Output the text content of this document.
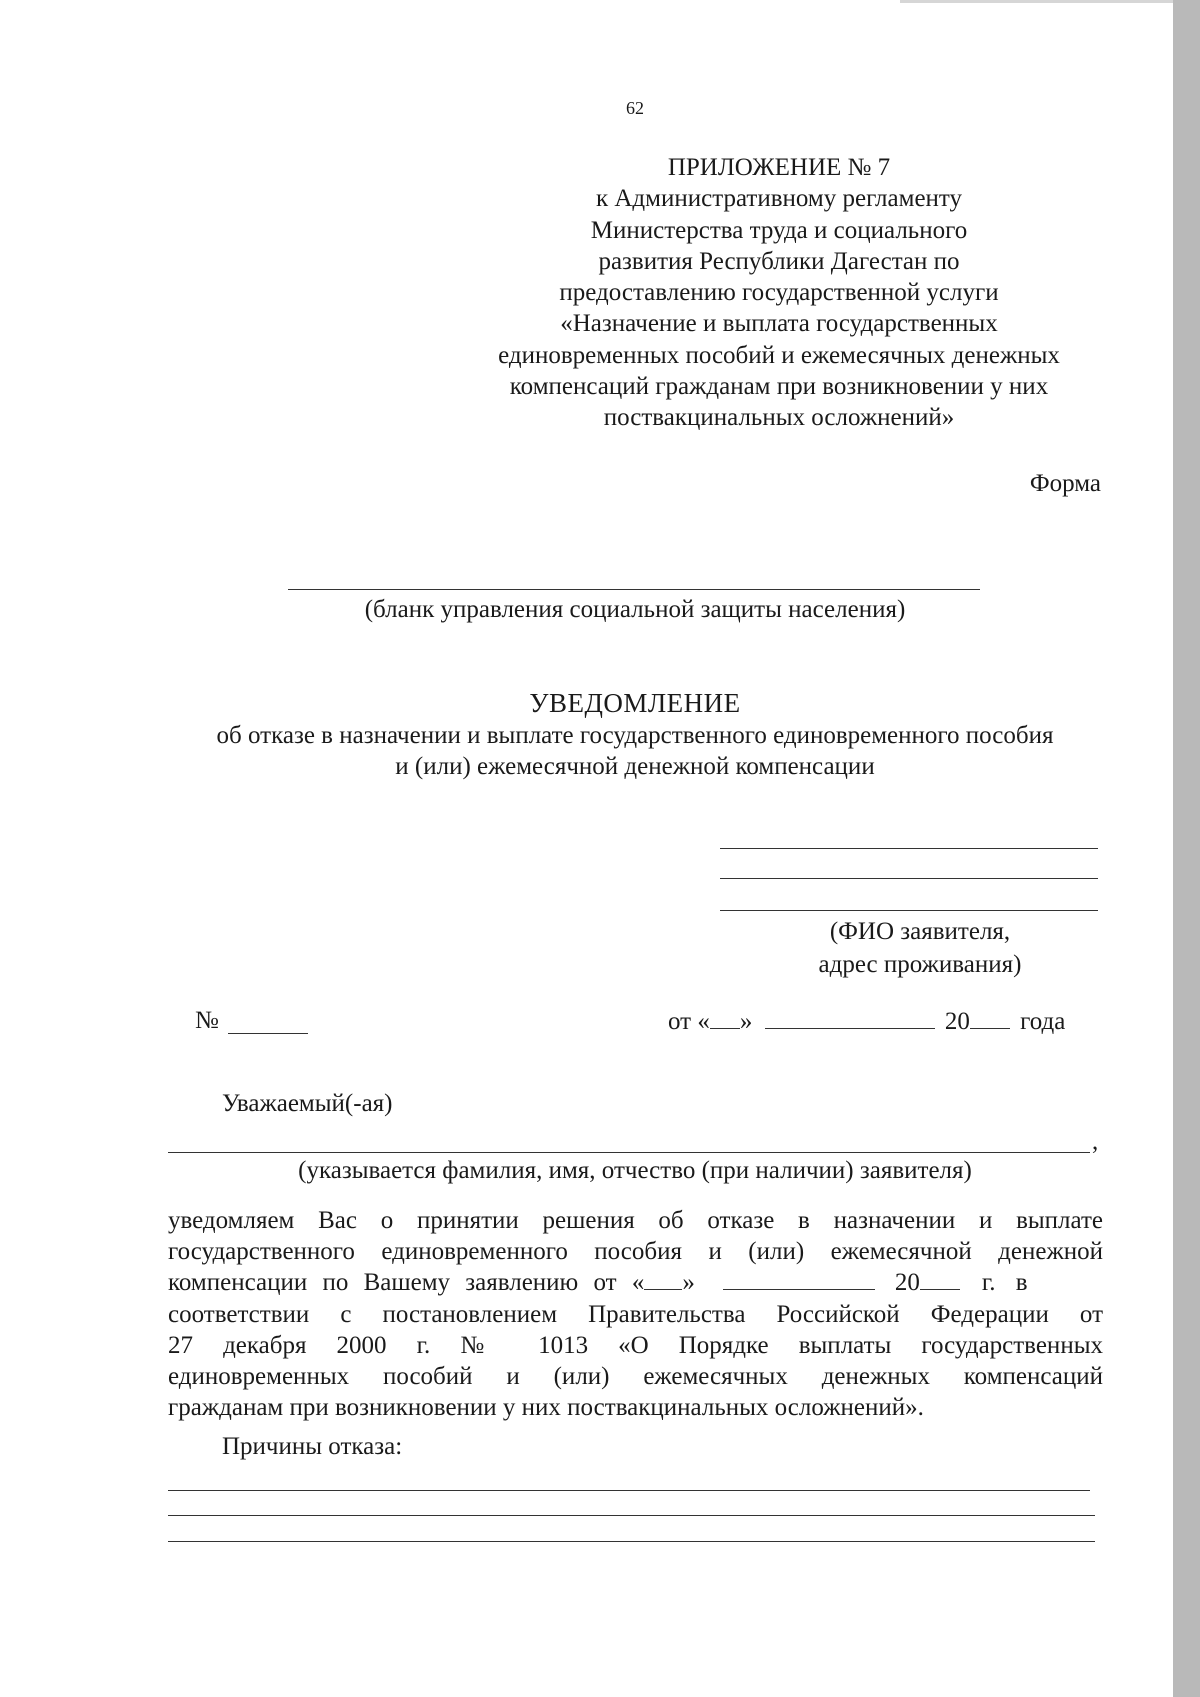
62
ПРИЛОЖЕНИЕ № 7
к Административному регламенту
Министерства труда и социального
развития Республики Дагестан по
предоставлению государственной услуги
«Назначение и выплата государственных
единовременных пособий и ежемесячных денежных
компенсаций гражданам при возникновении у них
поствакцинальных осложнений»
Форма
(бланк управления социальной защиты населения)
УВЕДОМЛЕНИЕ
об отказе в назначении и выплате государственного единовременного пособия
и (или) ежемесячной денежной компенсации
(ФИО заявителя,
адрес проживания)
№	от « »	20 года
Уважаемый(-ая)
,
(указывается фамилия, имя, отчество (при наличии) заявителя)
уведомляем Вас о принятии решения об отказе в назначении и выплате
государственного единовременного пособия и (или) ежемесячной денежной
компенсации по Вашему заявлению от « »	20 г. в
соответствии с постановлением Правительства Российской Федерации от
27 декабря 2000 г. № 1013 «О Порядке выплаты государственных
единовременных пособий и (или) ежемесячных денежных компенсаций
гражданам при возникновении у них поствакцинальных осложнений».
Причины отказа:
